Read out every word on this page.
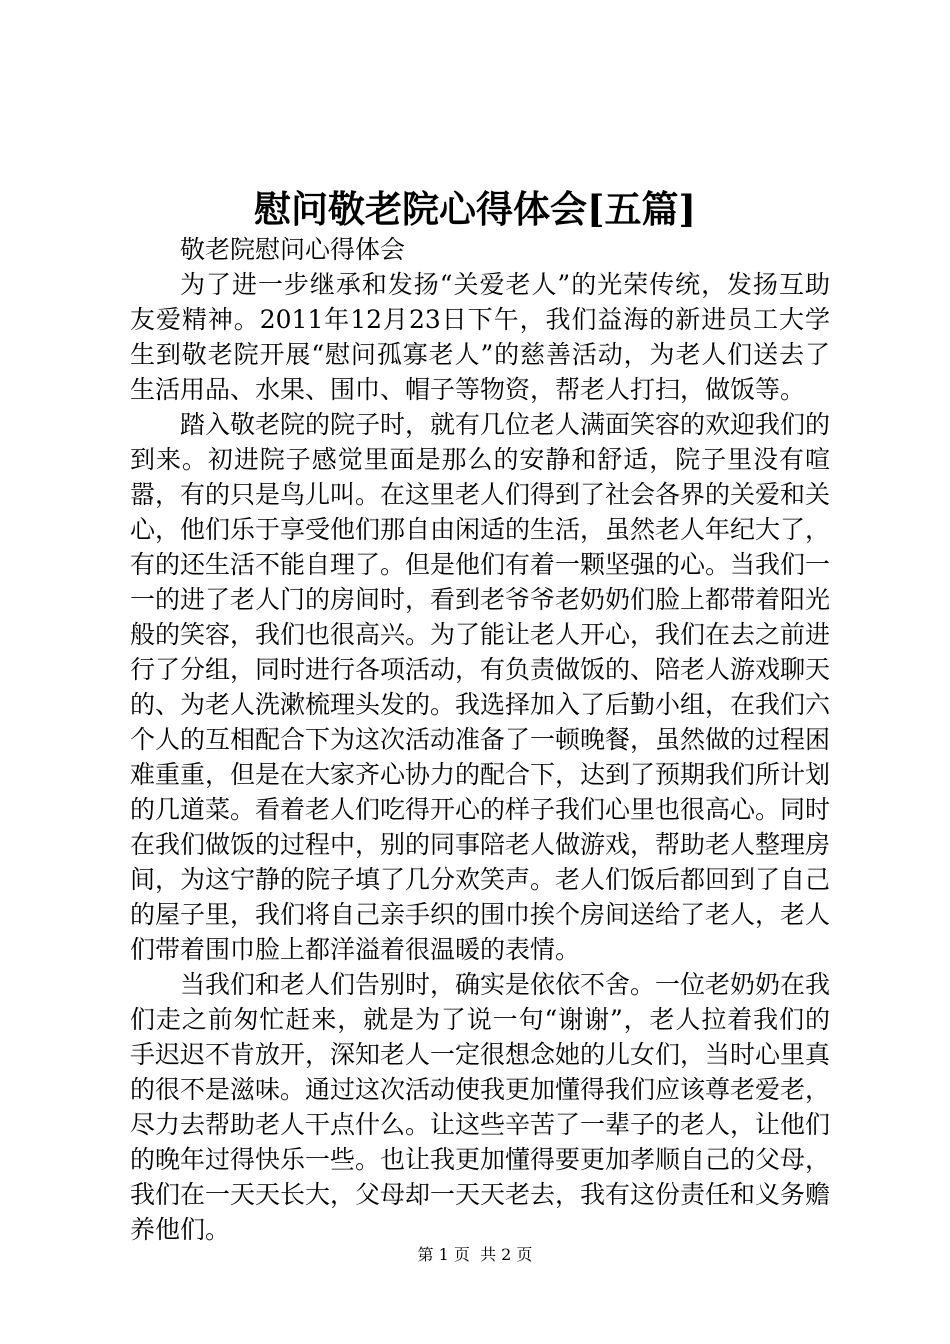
慰问敬老院心得体会[五篇]

敬老院慰问心得体会

为了进一步继承和发扬“关爱老人”的光荣传统，发扬互助友爱精神。2011年12月23日下午，我们益海的新进员工大学生到敬老院开展“慰问孤寡老人”的慈善活动，为老人们送去了生活用品、水果、围巾、帽子等物资，帮老人打扫，做饭等。

踏入敬老院的院子时，就有几位老人满面笑容的欢迎我们的到来。初进院子感觉里面是那么的安静和舒适，院子里没有喧嚣，有的只是鸟儿叫。在这里老人们得到了社会各界的关爱和关心，他们乐于享受他们那自由闲适的生活，虽然老人年纪大了，有的还生活不能自理了。但是他们有着一颗坚强的心。当我们一一的进了老人门的房间时，看到老爷爷老奶奶们脸上都带着阳光般的笑容，我们也很高兴。为了能让老人开心，我们在去之前进行了分组，同时进行各项活动，有负责做饭的、陪老人游戏聊天的、为老人洗漱梳理头发的。我选择加入了后勤小组，在我们六个人的互相配合下为这次活动准备了一顿晚餐，虽然做的过程困难重重，但是在大家齐心协力的配合下，达到了预期我们所计划的几道菜。看着老人们吃得开心的样子我们心里也很高心。同时在我们做饭的过程中，别的同事陪老人做游戏，帮助老人整理房间，为这宁静的院子填了几分欢笑声。老人们饭后都回到了自己的屋子里，我们将自己亲手织的围巾挨个房间送给了老人，老人们带着围巾脸上都洋溢着很温暖的表情。

当我们和老人们告别时，确实是依依不舍。一位老奶奶在我们走之前匆忙赶来，就是为了说一句“谢谢”，老人拉着我们的手迟迟不肯放开，深知老人一定很想念她的儿女们，当时心里真的很不是滋味。通过这次活动使我更加懂得我们应该尊老爱老，尽力去帮助老人干点什么。让这些辛苦了一辈子的老人，让他们的晚年过得快乐一些。也让我更加懂得要更加孝顺自己的父母，我们在一天天长大，父母却一天天老去，我有这份责任和义务赡养他们。

第 1 页  共 2 页
